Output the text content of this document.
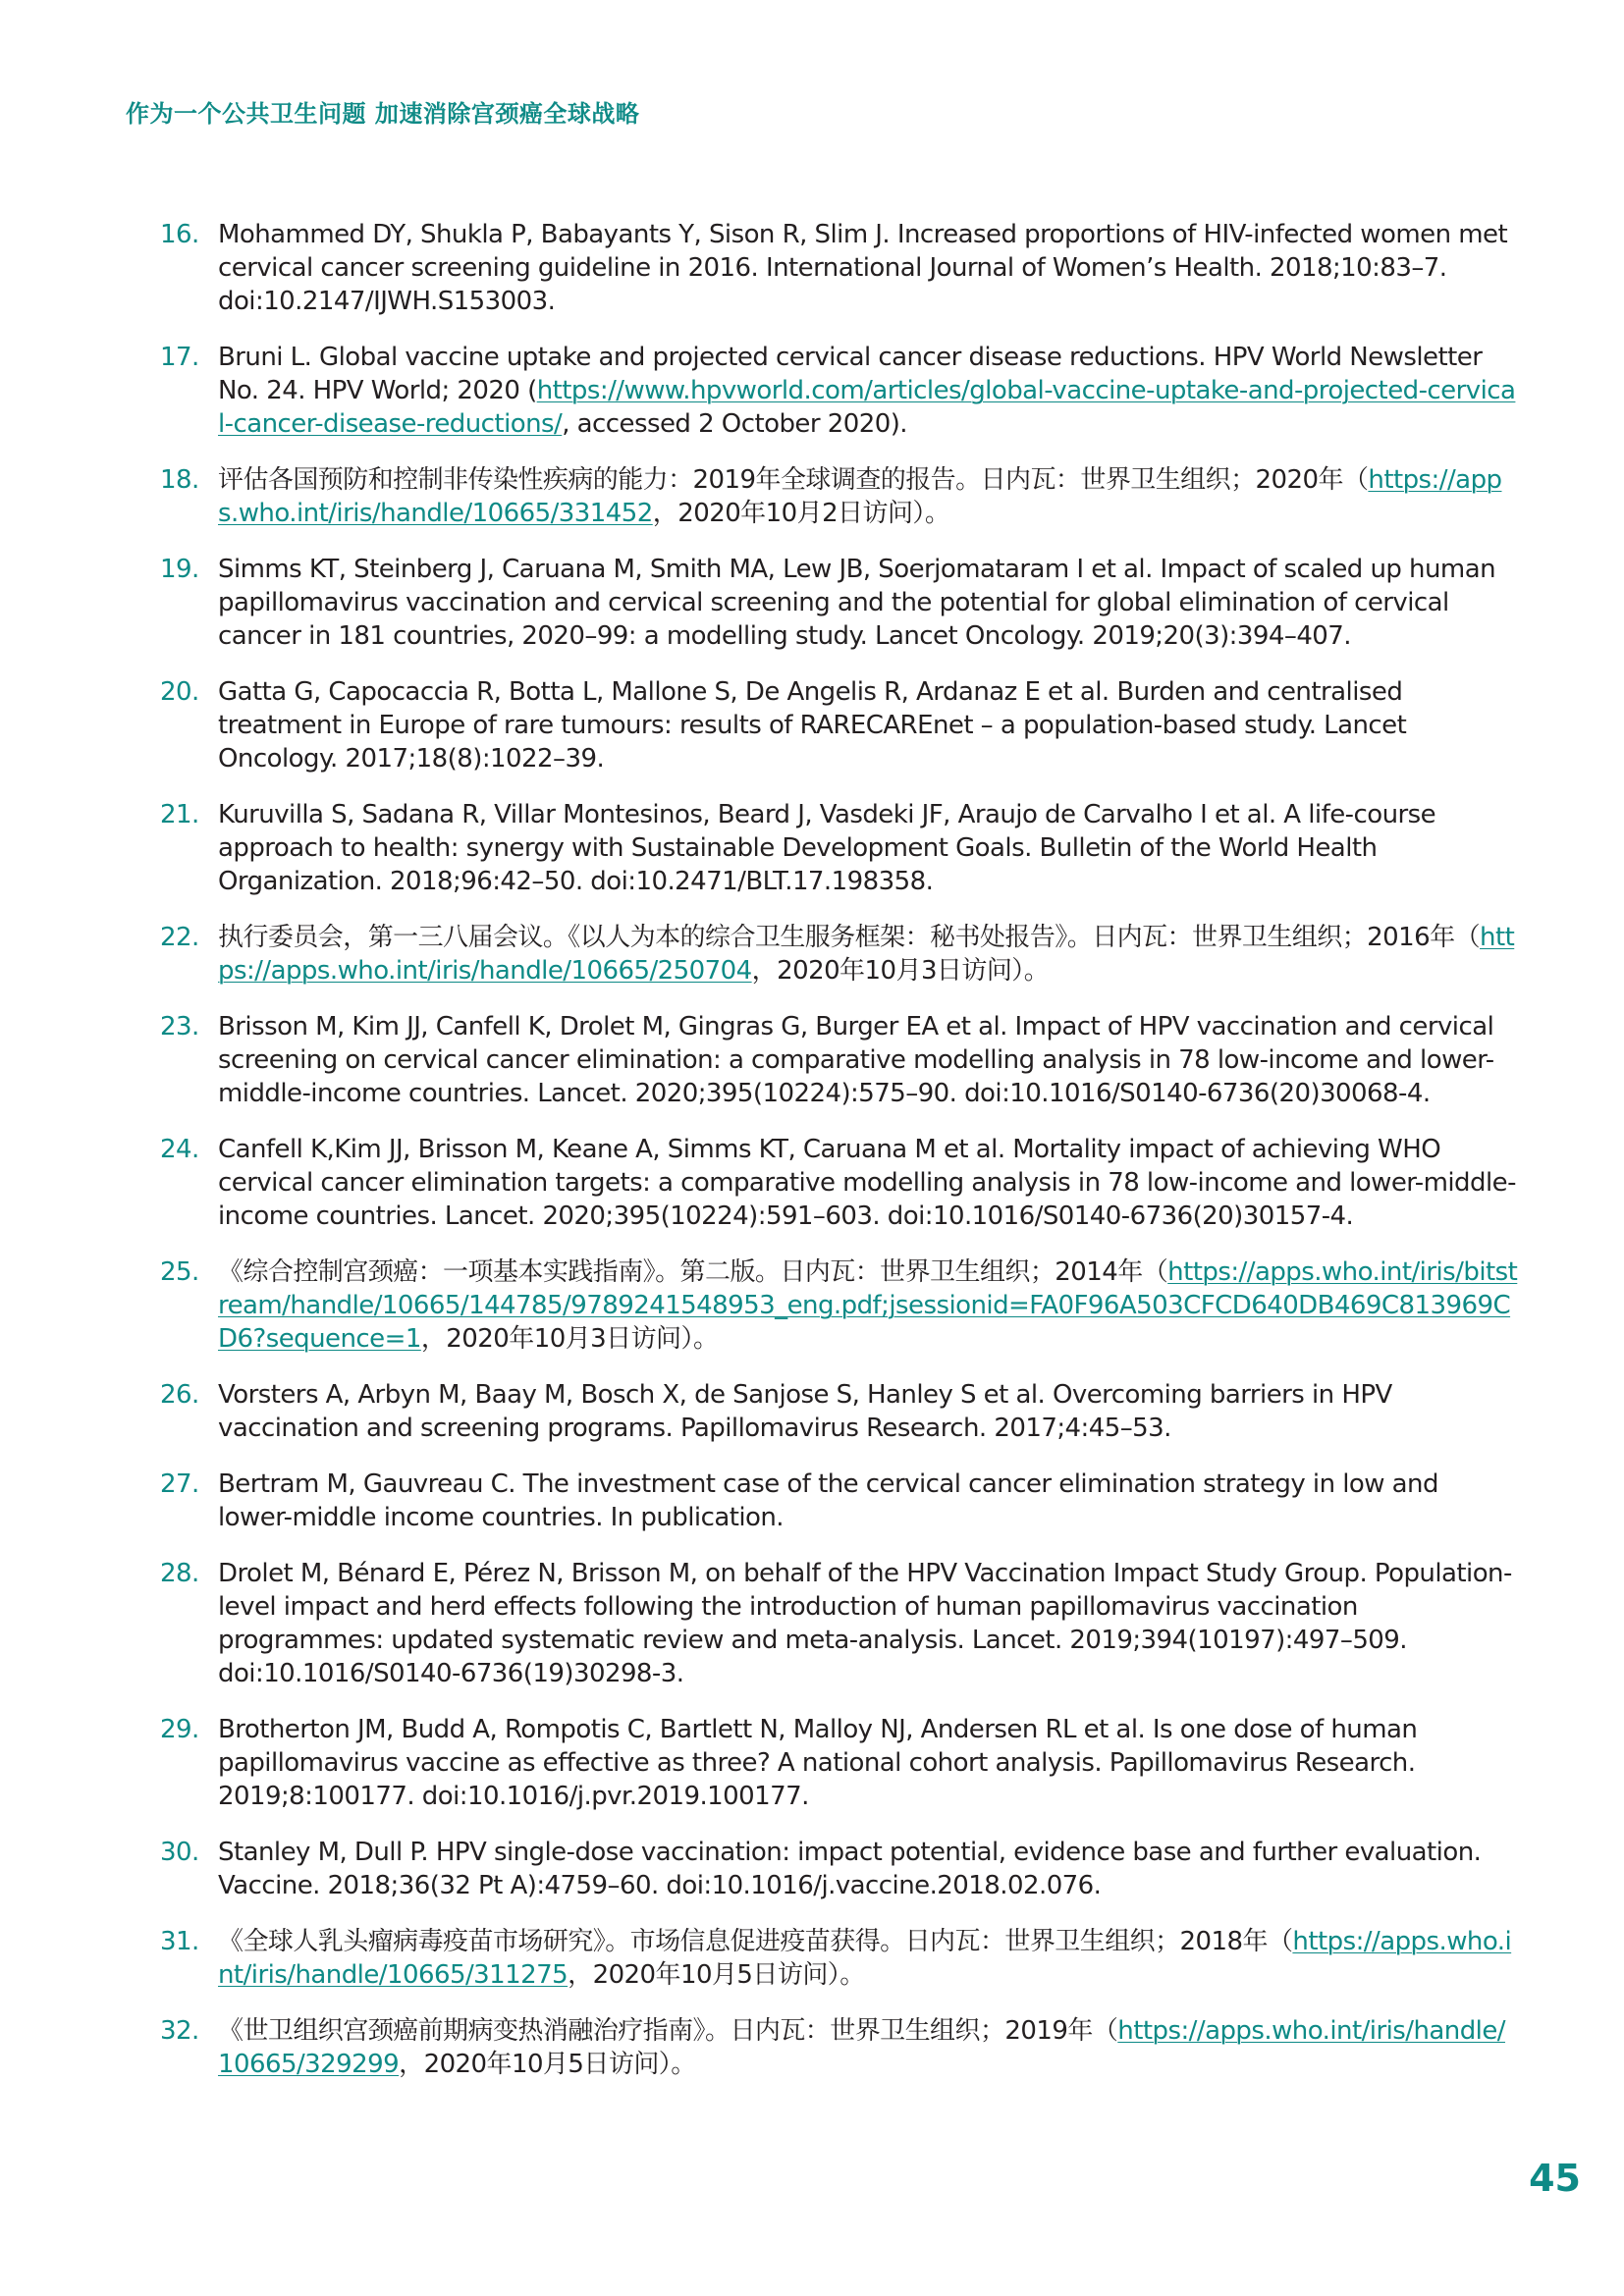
作为一个公共卫生问题 加速消除宫颈癌全球战略
16. Mohammed DY, Shukla P, Babayants Y, Sison R, Slim J. Increased proportions of HIV-infected women met cervical cancer screening guideline in 2016. International Journal of Women’s Health. 2018;10:83–7. doi:10.2147/IJWH.S153003.
17. Bruni L. Global vaccine uptake and projected cervical cancer disease reductions. HPV World Newsletter No. 24. HPV World; 2020 (https://www.hpvworld.com/articles/global-vaccine-uptake-and-projected-cervical-cancer-disease-reductions/, accessed 2 October 2020).
18. 评估各国预防和控制非传染性疾病的能力：2019年全球调查的报告。日内瓦：世界卫生组织；2020年（https://apps.who.int/iris/handle/10665/331452，2020年10月2日访问）。
19. Simms KT, Steinberg J, Caruana M, Smith MA, Lew JB, Soerjomataram I et al. Impact of scaled up human papillomavirus vaccination and cervical screening and the potential for global elimination of cervical cancer in 181 countries, 2020–99: a modelling study. Lancet Oncology. 2019;20(3):394–407.
20. Gatta G, Capocaccia R, Botta L, Mallone S, De Angelis R, Ardanaz E et al. Burden and centralised treatment in Europe of rare tumours: results of RARECAREnet – a population-based study. Lancet Oncology. 2017;18(8):1022–39.
21. Kuruvilla S, Sadana R, Villar Montesinos, Beard J, Vasdeki JF, Araujo de Carvalho I et al. A life-course approach to health: synergy with Sustainable Development Goals. Bulletin of the World Health Organization. 2018;96:42–50. doi:10.2471/BLT.17.198358.
22. 执行委员会，第一三八届会议。《以人为本的综合卫生服务框架：秘书处报告》。日内瓦：世界卫生组织；2016年（https://apps.who.int/iris/handle/10665/250704，2020年10月3日访问）。
23. Brisson M, Kim JJ, Canfell K, Drolet M, Gingras G, Burger EA et al. Impact of HPV vaccination and cervical screening on cervical cancer elimination: a comparative modelling analysis in 78 low-income and lower-middle-income countries. Lancet. 2020;395(10224):575–90. doi:10.1016/S0140-6736(20)30068-4.
24. Canfell K,Kim JJ, Brisson M, Keane A, Simms KT, Caruana M et al. Mortality impact of achieving WHO cervical cancer elimination targets: a comparative modelling analysis in 78 low-income and lower-middle-income countries. Lancet. 2020;395(10224):591–603. doi:10.1016/S0140-6736(20)30157-4.
25. 《综合控制宫颈癌：一项基本实践指南》。第二版。日内瓦：世界卫生组织；2014年（https://apps.who.int/iris/bitstream/handle/10665/144785/9789241548953_eng.pdf;jsessionid=FA0F96A503CFCD640DB469C813969CD6?sequence=1，2020年10月3日访问）。
26. Vorsters A, Arbyn M, Baay M, Bosch X, de Sanjose S, Hanley S et al. Overcoming barriers in HPV vaccination and screening programs. Papillomavirus Research. 2017;4:45–53.
27. Bertram M, Gauvreau C. The investment case of the cervical cancer elimination strategy in low and lower-middle income countries. In publication.
28. Drolet M, Bénard E, Pérez N, Brisson M, on behalf of the HPV Vaccination Impact Study Group. Population-level impact and herd effects following the introduction of human papillomavirus vaccination programmes: updated systematic review and meta-analysis. Lancet. 2019;394(10197):497–509. doi:10.1016/S0140-6736(19)30298-3.
29. Brotherton JM, Budd A, Rompotis C, Bartlett N, Malloy NJ, Andersen RL et al. Is one dose of human papillomavirus vaccine as effective as three? A national cohort analysis. Papillomavirus Research. 2019;8:100177. doi:10.1016/j.pvr.2019.100177.
30. Stanley M, Dull P. HPV single-dose vaccination: impact potential, evidence base and further evaluation. Vaccine. 2018;36(32 Pt A):4759–60. doi:10.1016/j.vaccine.2018.02.076.
31. 《全球人乳头瘤病毒疫苗市场研究》。市场信息促进疫苗获得。日内瓦：世界卫生组织；2018年（https://apps.who.int/iris/handle/10665/311275，2020年10月5日访问）。
32. 《世卫组织宫颈癌前期病变热消融治疗指南》。日内瓦：世界卫生组织；2019年（https://apps.who.int/iris/handle/10665/329299，2020年10月5日访问）。
45
